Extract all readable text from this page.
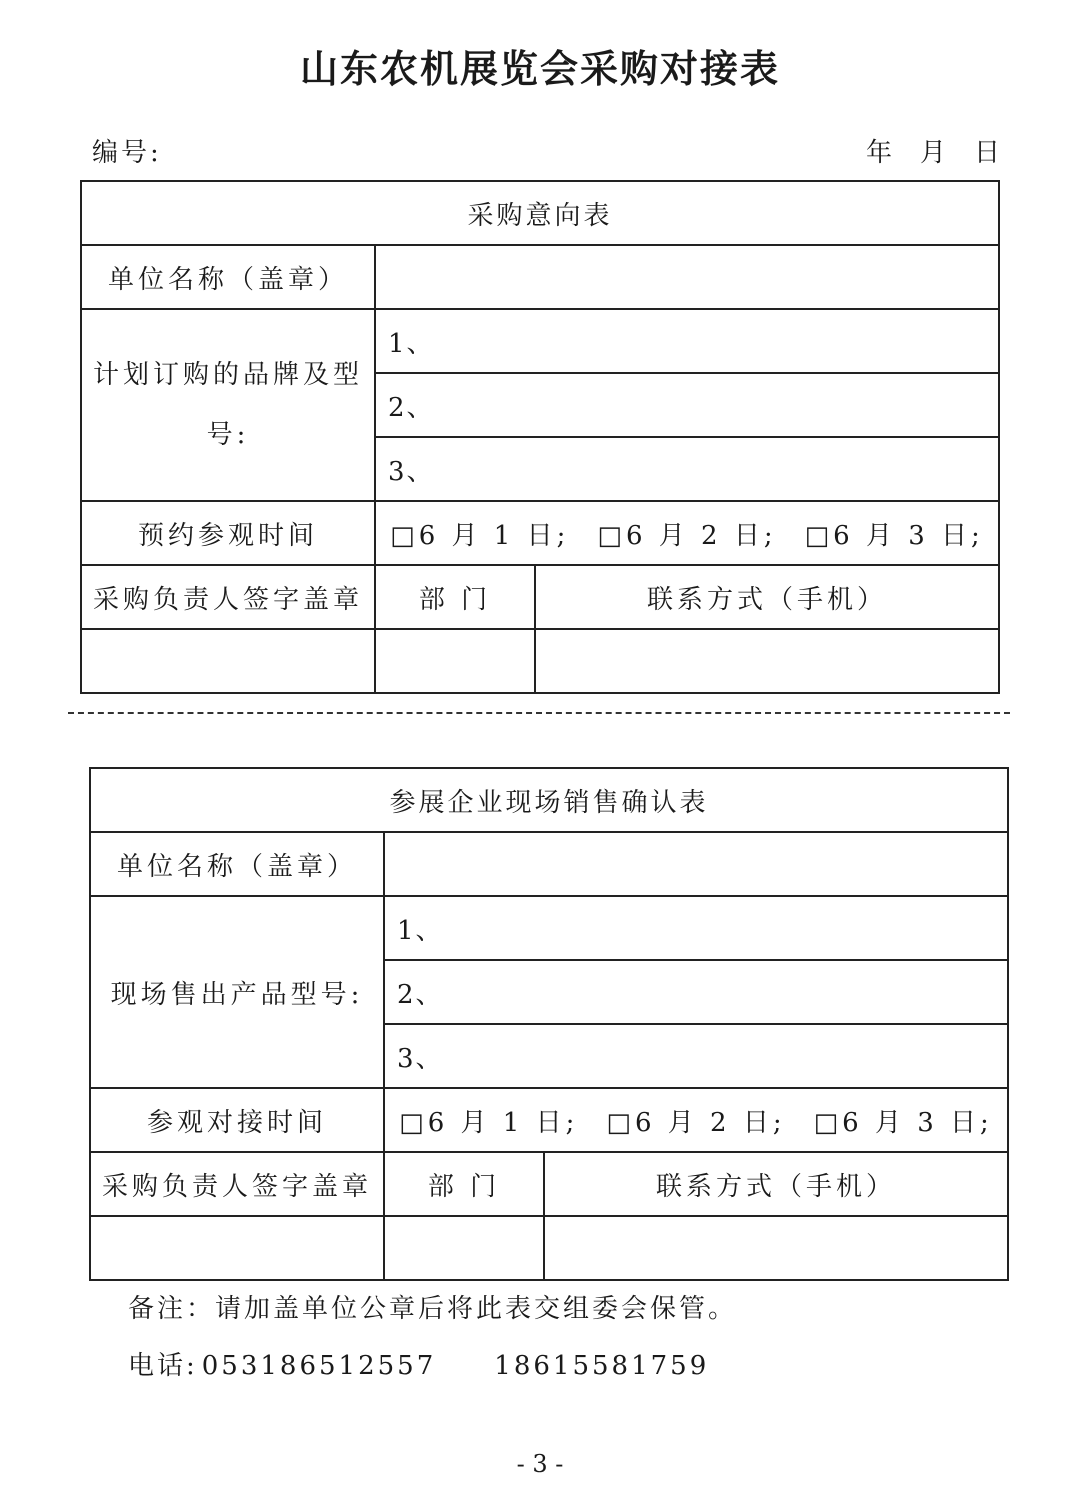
山东农机展览会采购对接表
编号:	年 月 日
采购意向表		
单位名称（盖章）		
计划订购的品牌及型号:	1、	
	2、	
	3、	
预约参观时间	□6 月 1 日; □6 月 2 日; □6 月 3 日;	
采购负责人签字盖章	部 门	联系方式（手机）

参展企业现场销售确认表		
单位名称（盖章）		
现场售出产品型号:	1、	
	2、	
	3、	
参观对接时间	□6 月 1 日; □6 月 2 日; □6 月 3 日;	
采购负责人签字盖章	部 门	联系方式（手机）

备注：请加盖单位公章后将此表交组委会保管。
电话: 053186512557 18615581759
- 3 -
